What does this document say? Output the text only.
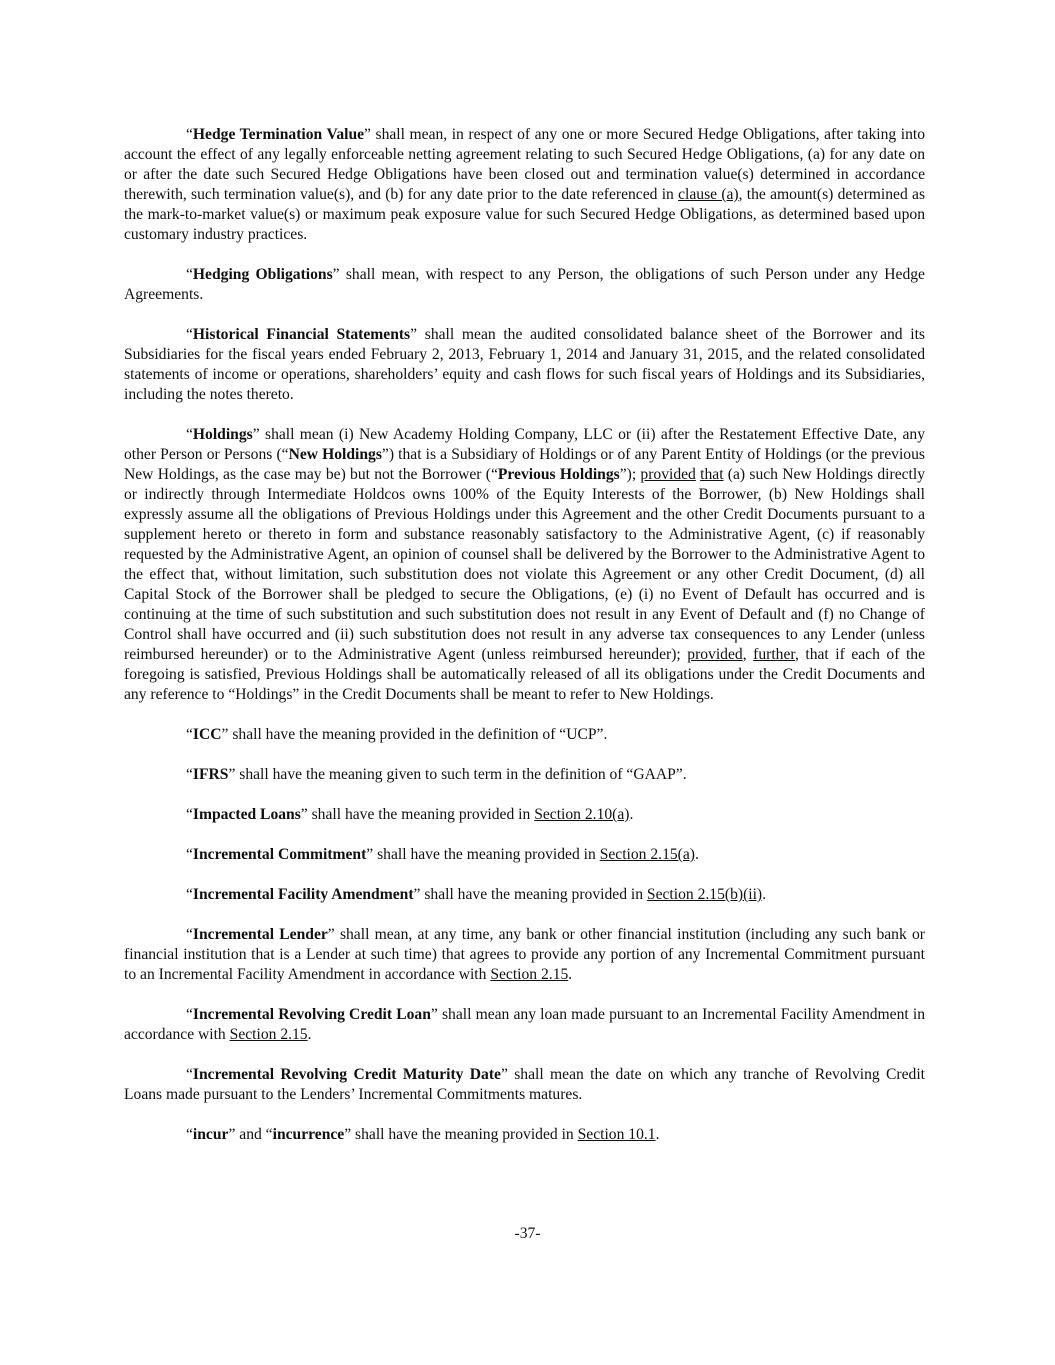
“Hedge Termination Value” shall mean, in respect of any one or more Secured Hedge Obligations, after taking into account the effect of any legally enforceable netting agreement relating to such Secured Hedge Obligations, (a) for any date on or after the date such Secured Hedge Obligations have been closed out and termination value(s) determined in accordance therewith, such termination value(s), and (b) for any date prior to the date referenced in clause (a), the amount(s) determined as the mark-to-market value(s) or maximum peak exposure value for such Secured Hedge Obligations, as determined based upon customary industry practices.

“Hedging Obligations” shall mean, with respect to any Person, the obligations of such Person under any Hedge Agreements.

“Historical Financial Statements” shall mean the audited consolidated balance sheet of the Borrower and its Subsidiaries for the fiscal years ended February 2, 2013, February 1, 2014 and January 31, 2015, and the related consolidated statements of income or operations, shareholders’ equity and cash flows for such fiscal years of Holdings and its Subsidiaries, including the notes thereto.

“Holdings” shall mean (i) New Academy Holding Company, LLC or (ii) after the Restatement Effective Date, any other Person or Persons (“New Holdings”) that is a Subsidiary of Holdings or of any Parent Entity of Holdings (or the previous New Holdings, as the case may be) but not the Borrower (“Previous Holdings”); provided that (a) such New Holdings directly or indirectly through Intermediate Holdcos owns 100% of the Equity Interests of the Borrower, (b) New Holdings shall expressly assume all the obligations of Previous Holdings under this Agreement and the other Credit Documents pursuant to a supplement hereto or thereto in form and substance reasonably satisfactory to the Administrative Agent, (c) if reasonably requested by the Administrative Agent, an opinion of counsel shall be delivered by the Borrower to the Administrative Agent to the effect that, without limitation, such substitution does not violate this Agreement or any other Credit Document, (d) all Capital Stock of the Borrower shall be pledged to secure the Obligations, (e) (i) no Event of Default has occurred and is continuing at the time of such substitution and such substitution does not result in any Event of Default and (f) no Change of Control shall have occurred and (ii) such substitution does not result in any adverse tax consequences to any Lender (unless reimbursed hereunder) or to the Administrative Agent (unless reimbursed hereunder); provided, further, that if each of the foregoing is satisfied, Previous Holdings shall be automatically released of all its obligations under the Credit Documents and any reference to “Holdings” in the Credit Documents shall be meant to refer to New Holdings.

“ICC” shall have the meaning provided in the definition of “UCP”.

“IFRS” shall have the meaning given to such term in the definition of “GAAP”.

“Impacted Loans” shall have the meaning provided in Section 2.10(a).

“Incremental Commitment” shall have the meaning provided in Section 2.15(a).

“Incremental Facility Amendment” shall have the meaning provided in Section 2.15(b)(ii).

“Incremental Lender” shall mean, at any time, any bank or other financial institution (including any such bank or financial institution that is a Lender at such time) that agrees to provide any portion of any Incremental Commitment pursuant to an Incremental Facility Amendment in accordance with Section 2.15.

“Incremental Revolving Credit Loan” shall mean any loan made pursuant to an Incremental Facility Amendment in accordance with Section 2.15.

“Incremental Revolving Credit Maturity Date” shall mean the date on which any tranche of Revolving Credit Loans made pursuant to the Lenders’ Incremental Commitments matures.

“incur” and “incurrence” shall have the meaning provided in Section 10.1.

-37-
